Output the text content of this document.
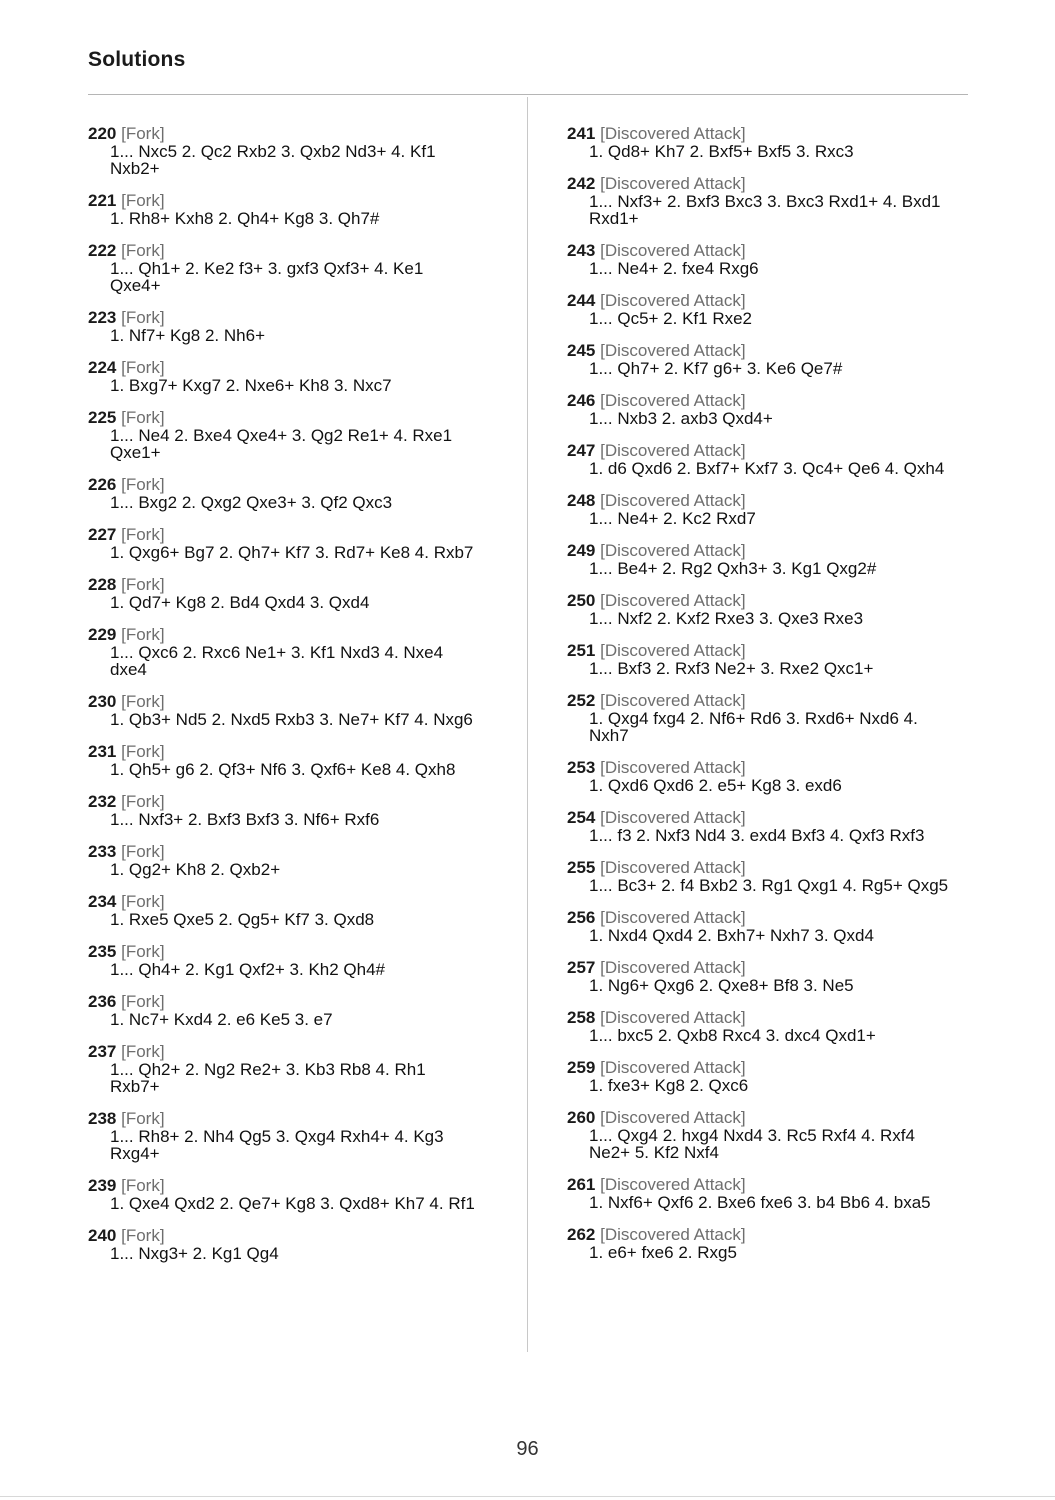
Solutions
220 [Fork]
1... Nxc5 2. Qc2 Rxb2 3. Qxb2 Nd3+ 4. Kf1 Nxb2+
221 [Fork]
1. Rh8+ Kxh8 2. Qh4+ Kg8 3. Qh7#
222 [Fork]
1... Qh1+ 2. Ke2 f3+ 3. gxf3 Qxf3+ 4. Ke1 Qxe4+
223 [Fork]
1. Nf7+ Kg8 2. Nh6+
224 [Fork]
1. Bxg7+ Kxg7 2. Nxe6+ Kh8 3. Nxc7
225 [Fork]
1... Ne4 2. Bxe4 Qxe4+ 3. Qg2 Re1+ 4. Rxe1 Qxe1+
226 [Fork]
1... Bxg2 2. Qxg2 Qxe3+ 3. Qf2 Qxc3
227 [Fork]
1. Qxg6+ Bg7 2. Qh7+ Kf7 3. Rd7+ Ke8 4. Rxb7
228 [Fork]
1. Qd7+ Kg8 2. Bd4 Qxd4 3. Qxd4
229 [Fork]
1... Qxc6 2. Rxc6 Ne1+ 3. Kf1 Nxd3 4. Nxe4 dxe4
230 [Fork]
1. Qb3+ Nd5 2. Nxd5 Rxb3 3. Ne7+ Kf7 4. Nxg6
231 [Fork]
1. Qh5+ g6 2. Qf3+ Nf6 3. Qxf6+ Ke8 4. Qxh8
232 [Fork]
1... Nxf3+ 2. Bxf3 Bxf3 3. Nf6+ Rxf6
233 [Fork]
1. Qg2+ Kh8 2. Qxb2+
234 [Fork]
1. Rxe5 Qxe5 2. Qg5+ Kf7 3. Qxd8
235 [Fork]
1... Qh4+ 2. Kg1 Qxf2+ 3. Kh2 Qh4#
236 [Fork]
1. Nc7+ Kxd4 2. e6 Ke5 3. e7
237 [Fork]
1... Qh2+ 2. Ng2 Re2+ 3. Kb3 Rb8 4. Rh1 Rxb7+
238 [Fork]
1... Rh8+ 2. Nh4 Qg5 3. Qxg4 Rxh4+ 4. Kg3 Rxg4+
239 [Fork]
1. Qxe4 Qxd2 2. Qe7+ Kg8 3. Qxd8+ Kh7 4. Rf1
240 [Fork]
1... Nxg3+ 2. Kg1 Qg4
241 [Discovered Attack]
1. Qd8+ Kh7 2. Bxf5+ Bxf5 3. Rxc3
242 [Discovered Attack]
1... Nxf3+ 2. Bxf3 Bxc3 3. Bxc3 Rxd1+ 4. Bxd1 Rxd1+
243 [Discovered Attack]
1... Ne4+ 2. fxe4 Rxg6
244 [Discovered Attack]
1... Qc5+ 2. Kf1 Rxe2
245 [Discovered Attack]
1... Qh7+ 2. Kf7 g6+ 3. Ke6 Qe7#
246 [Discovered Attack]
1... Nxb3 2. axb3 Qxd4+
247 [Discovered Attack]
1. d6 Qxd6 2. Bxf7+ Kxf7 3. Qc4+ Qe6 4. Qxh4
248 [Discovered Attack]
1... Ne4+ 2. Kc2 Rxd7
249 [Discovered Attack]
1... Be4+ 2. Rg2 Qxh3+ 3. Kg1 Qxg2#
250 [Discovered Attack]
1... Nxf2 2. Kxf2 Rxe3 3. Qxe3 Rxe3
251 [Discovered Attack]
1... Bxf3 2. Rxf3 Ne2+ 3. Rxe2 Qxc1+
252 [Discovered Attack]
1. Qxg4 fxg4 2. Nf6+ Rd6 3. Rxd6+ Nxd6 4. Nxh7
253 [Discovered Attack]
1. Qxd6 Qxd6 2. e5+ Kg8 3. exd6
254 [Discovered Attack]
1... f3 2. Nxf3 Nd4 3. exd4 Bxf3 4. Qxf3 Rxf3
255 [Discovered Attack]
1... Bc3+ 2. f4 Bxb2 3. Rg1 Qxg1 4. Rg5+ Qxg5
256 [Discovered Attack]
1. Nxd4 Qxd4 2. Bxh7+ Nxh7 3. Qxd4
257 [Discovered Attack]
1. Ng6+ Qxg6 2. Qxe8+ Bf8 3. Ne5
258 [Discovered Attack]
1... bxc5 2. Qxb8 Rxc4 3. dxc4 Qxd1+
259 [Discovered Attack]
1. fxe3+ Kg8 2. Qxc6
260 [Discovered Attack]
1... Qxg4 2. hxg4 Nxd4 3. Rc5 Rxf4 4. Rxf4 Ne2+ 5. Kf2 Nxf4
261 [Discovered Attack]
1. Nxf6+ Qxf6 2. Bxe6 fxe6 3. b4 Bb6 4. bxa5
262 [Discovered Attack]
1. e6+ fxe6 2. Rxg5
96
